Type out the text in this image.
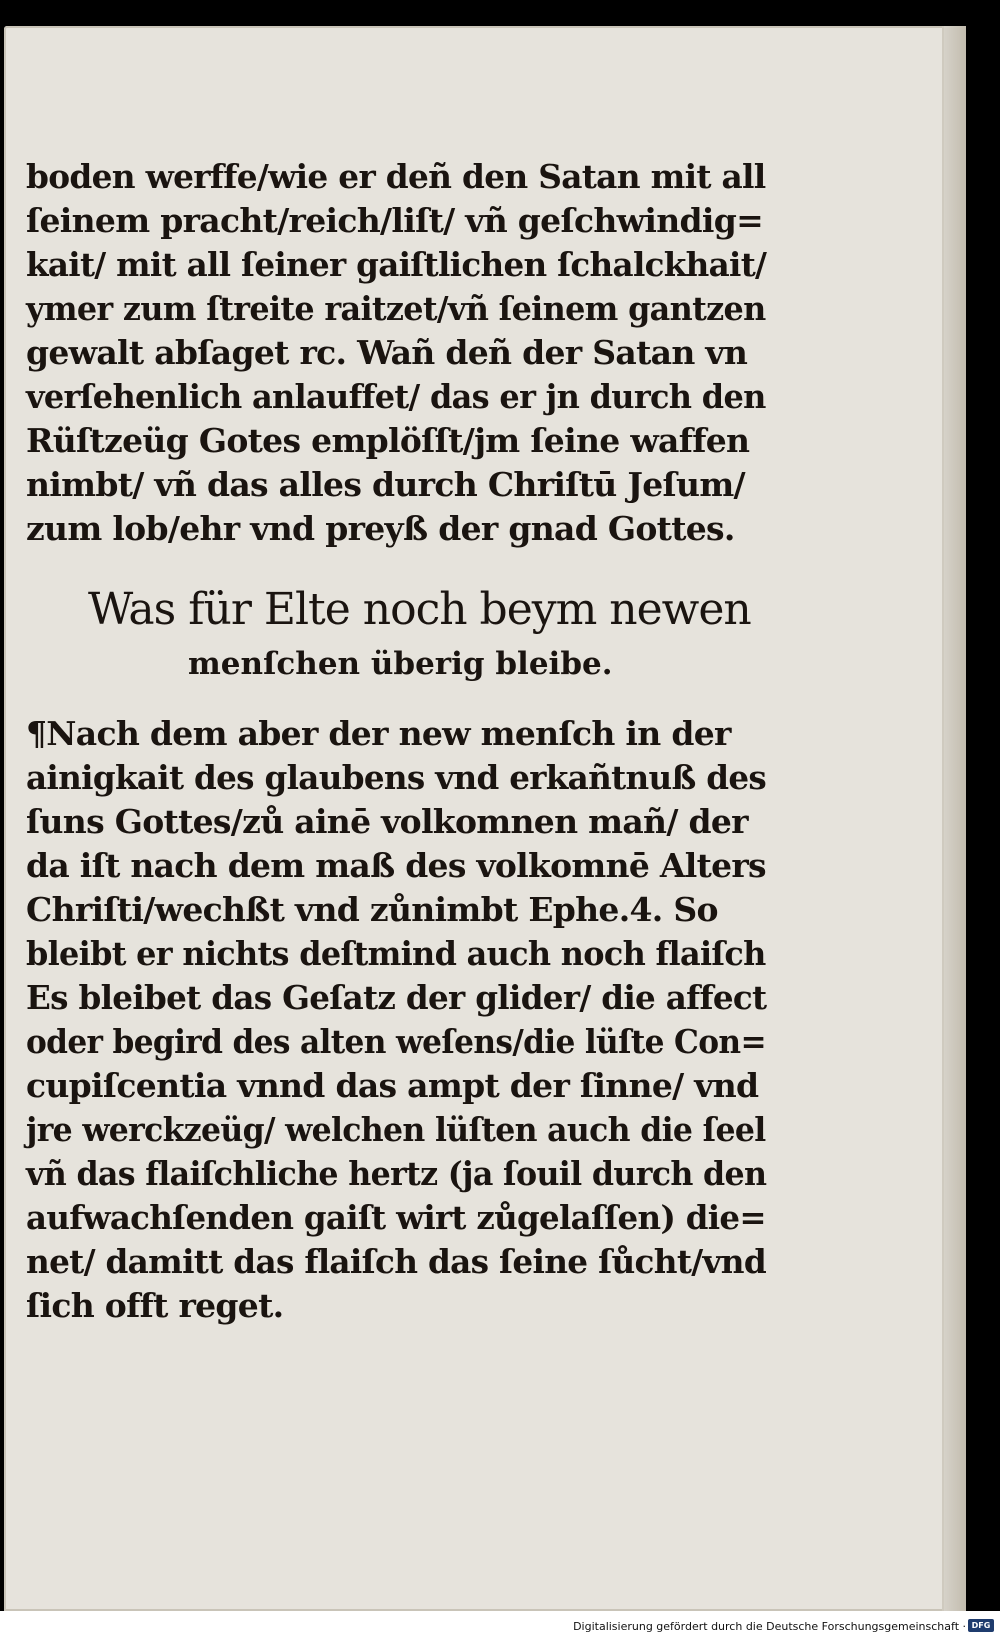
boden werffe/wie er deñ den Satan mit all
ſeinem pracht/reich/liſt/ vñ geſchwindig=
kait/ mit all ſeiner gaiſtlichen ſchalckhait/
ymer zum ſtreite raitzet/vñ ſeinem gantzen
gewalt abſaget rc. Wañ deñ der Satan vn
verſehenlich anlauffet/ das er jn durch den
Rüſtzeüg Gotes emplöſſt/jm ſeine waffen
nimbt/ vñ das alles durch Chriſtū Jeſum/
zum lob/ehr vnd preyß der gnad Gottes.
Was für Elte noch beym newen
menſchen überig bleibe.
¶Nach dem aber der new menſch in der
ainigkait des glaubens vnd erkañtnuß des
ſuns Gottes/zů ainē volkomnen mañ/ der
da iſt nach dem maß des volkomnē Alters
Chriſti/wechßt vnd zůnimbt Ephe.4. So
bleibt er nichts deſtmind auch noch flaiſch
Es bleibet das Geſatz der glider/ die affect
oder begird des alten weſens/die lüſte Con=
cupiſcentia vnnd das ampt der ſinne/ vnd
jre werckzeüg/ welchen lüſten auch die ſeel
vñ das flaiſchliche hertz (ja ſouil durch den
aufwachſenden gaiſt wirt zůgelaſſen) die=
net/ damitt das flaiſch das ſeine ſůcht/vnd
ſich offt reget.
Digitalisierung gefördert durch die Deutsche Forschungsgemeinschaft · DFG
